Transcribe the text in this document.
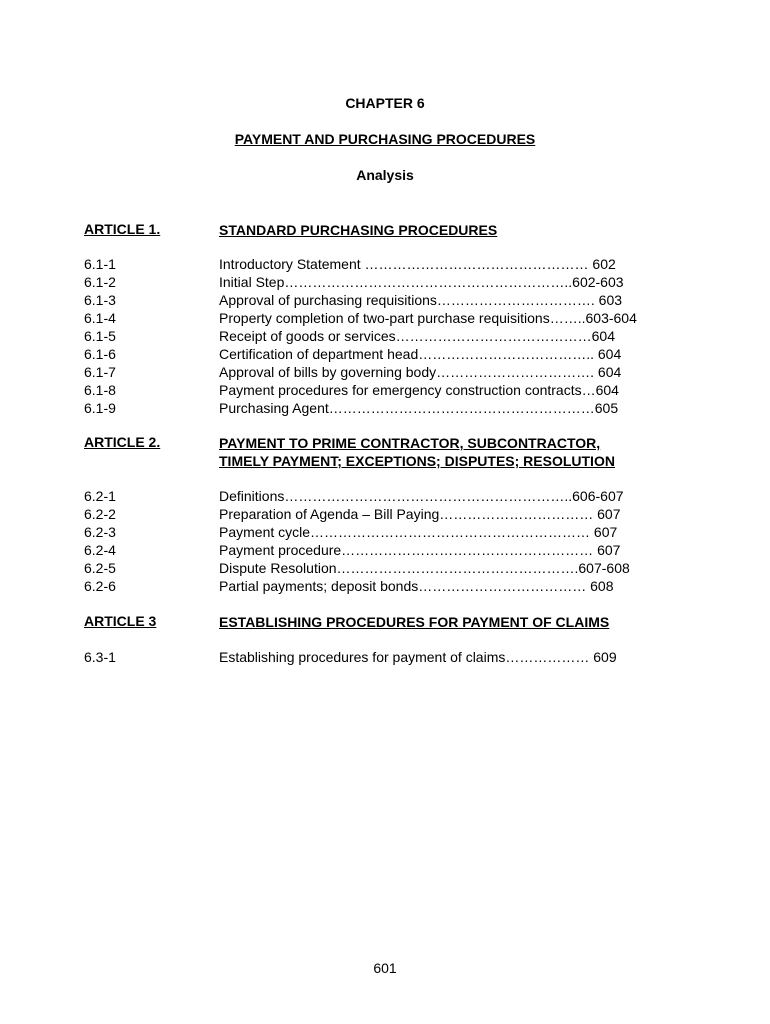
CHAPTER 6
PAYMENT AND PURCHASING PROCEDURES
Analysis
ARTICLE 1.	STANDARD PURCHASING PROCEDURES
6.1-1	Introductory Statement ………………………………………… 602
6.1-2	Initial Step……………………………………………………..602-603
6.1-3	Approval of purchasing requisitions……………………………. 603
6.1-4	Property completion of two-part purchase requisitions……..603-604
6.1-5	Receipt of goods or services……………………………………604
6.1-6	Certification of department head……………………………….. 604
6.1-7	Approval of bills by governing body……………………………. 604
6.1-8	Payment procedures for emergency construction contracts…604
6.1-9	Purchasing Agent…………………………………………………605
ARTICLE 2.	PAYMENT TO PRIME CONTRACTOR, SUBCONTRACTOR,
TIMELY PAYMENT; EXCEPTIONS; DISPUTES; RESOLUTION
6.2-1	Definitions……………………………………………………..606-607
6.2-2	Preparation of Agenda – Bill Paying…………………………… 607
6.2-3	Payment cycle…………………………………………………… 607
6.2-4	Payment procedure……………………………………………… 607
6.2-5	Dispute Resolution…………………………………………….607-608
6.2-6	Partial payments; deposit bonds……………………………… 608
ARTICLE 3	ESTABLISHING PROCEDURES FOR PAYMENT OF CLAIMS
6.3-1	Establishing procedures for payment of claims……………… 609
601
